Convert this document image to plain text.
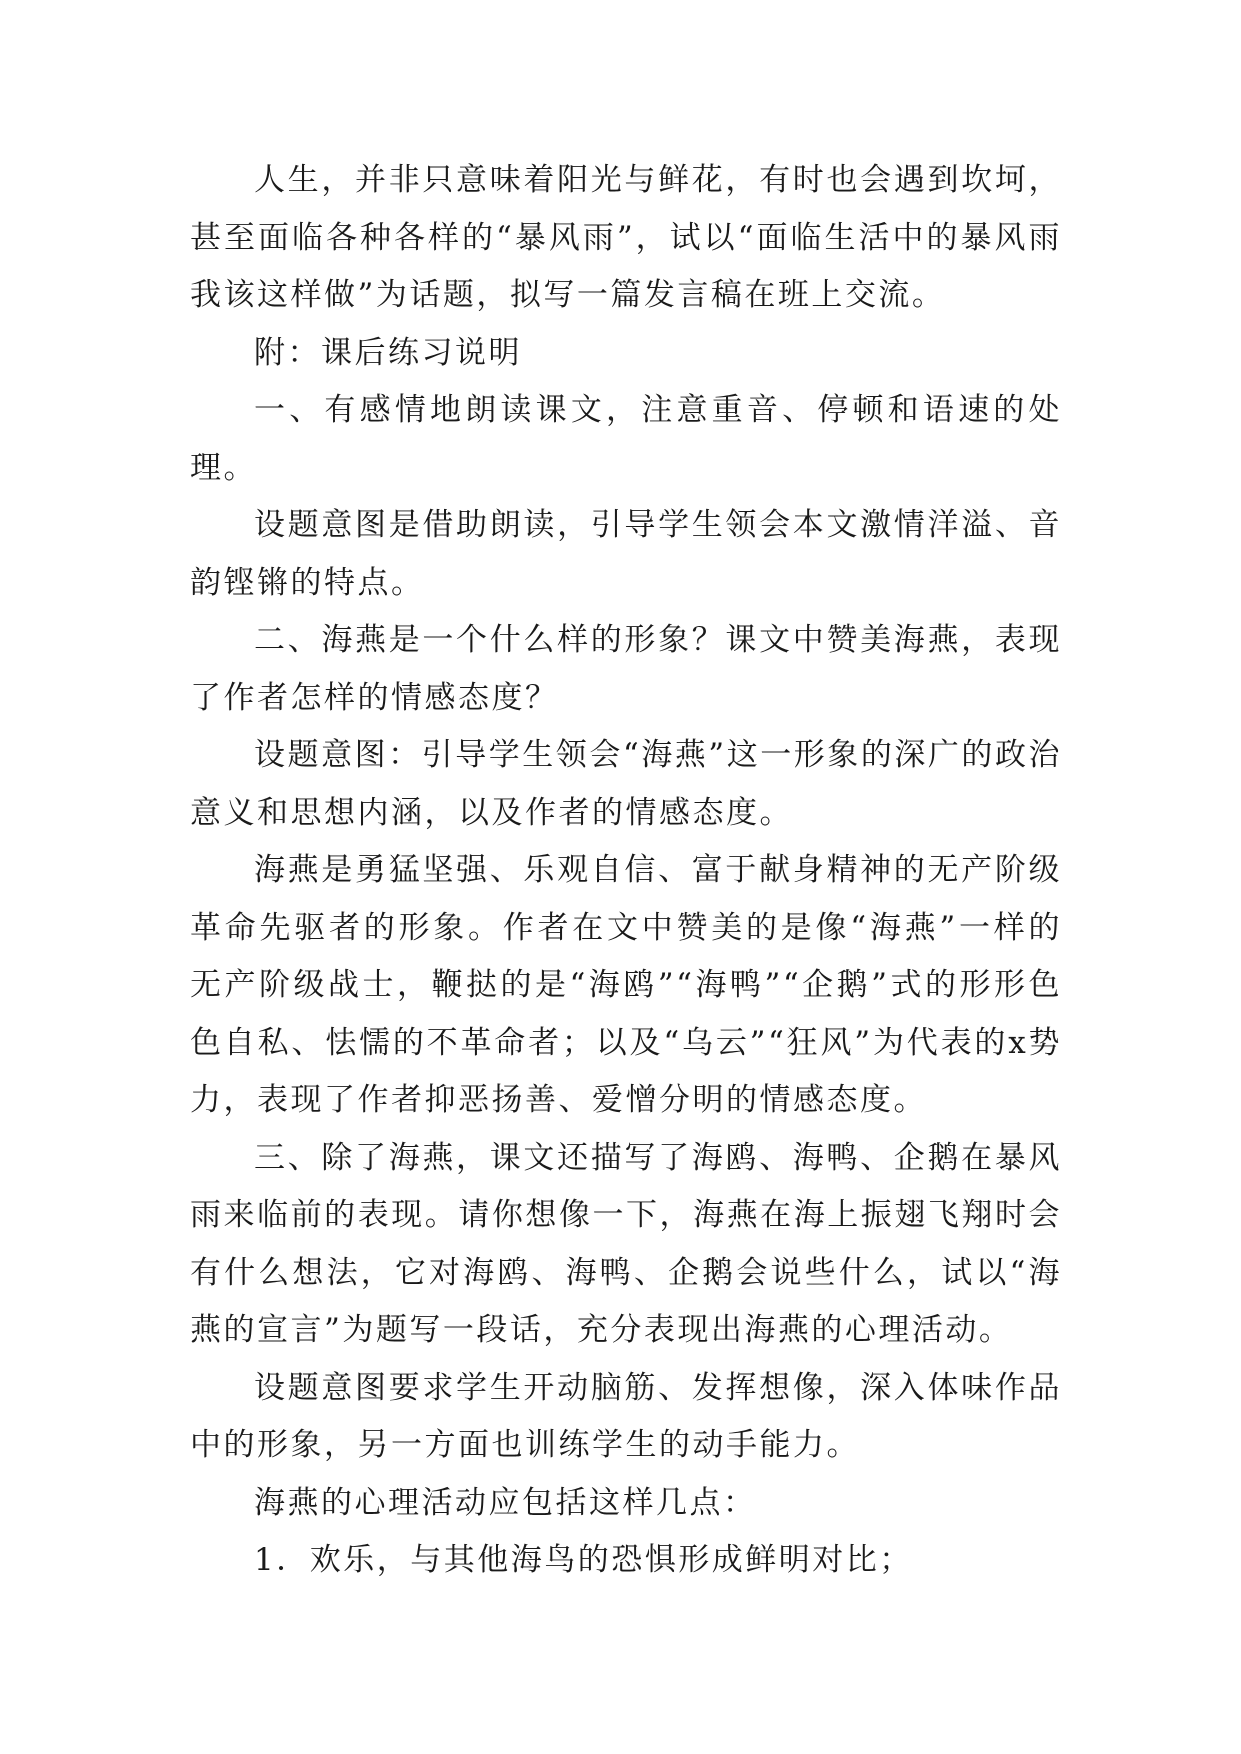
人生，并非只意味着阳光与鲜花，有时也会遇到坎坷，甚至面临各种各样的“暴风雨”，试以“面临生活中的暴风雨我该这样做”为话题，拟写一篇发言稿在班上交流。

附：课后练习说明

一、有感情地朗读课文，注意重音、停顿和语速的处理。

设题意图是借助朗读，引导学生领会本文激情洋溢、音韵铿锵的特点。

二、海燕是一个什么样的形象？课文中赞美海燕，表现了作者怎样的情感态度？

设题意图：引导学生领会“海燕”这一形象的深广的政治意义和思想内涵，以及作者的情感态度。

海燕是勇猛坚强、乐观自信、富于献身精神的无产阶级革命先驱者的形象。作者在文中赞美的是像“海燕”一样的无产阶级战士，鞭挞的是“海鸥”“海鸭”“企鹅”式的形形色色自私、怯懦的不革命者；以及“乌云”“狂风”为代表的x势力，表现了作者抑恶扬善、爱憎分明的情感态度。

三、除了海燕，课文还描写了海鸥、海鸭、企鹅在暴风雨来临前的表现。请你想像一下，海燕在海上振翅飞翔时会有什么想法，它对海鸥、海鸭、企鹅会说些什么，试以“海燕的宣言”为题写一段话，充分表现出海燕的心理活动。

设题意图要求学生开动脑筋、发挥想像，深入体味作品中的形象，另一方面也训练学生的动手能力。

海燕的心理活动应包括这样几点：

1．欢乐，与其他海鸟的恐惧形成鲜明对比；
